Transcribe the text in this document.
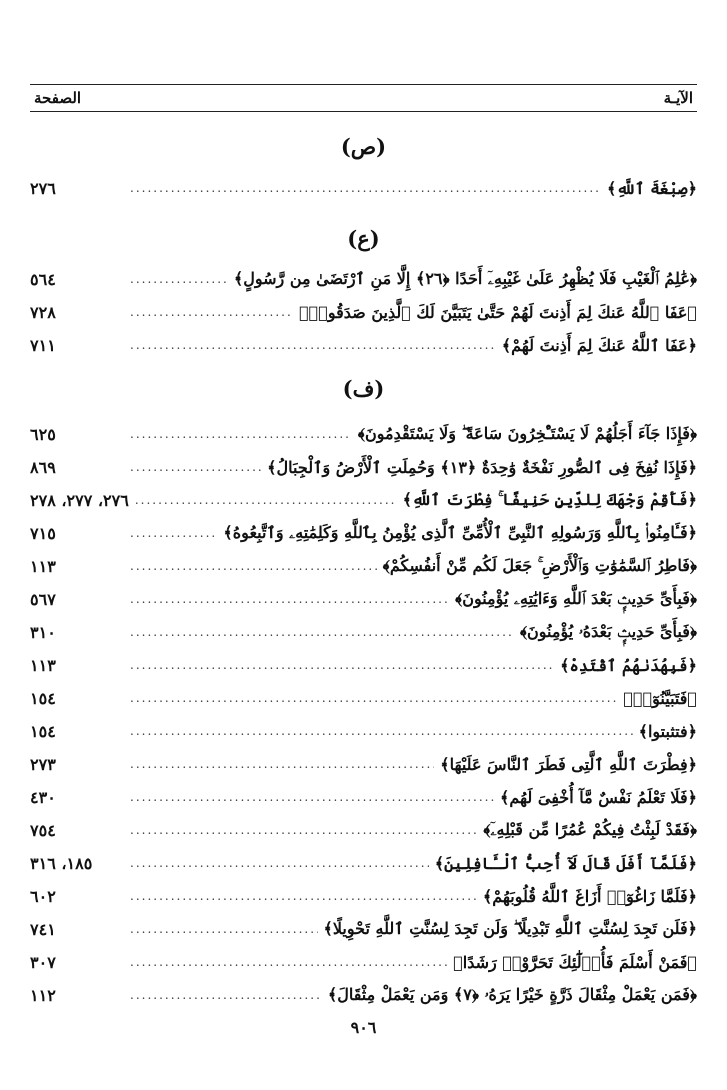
الآيـة
الصفحة
(ص)
﴿صِبْغَةَ ٱللَّهِ﴾
.....
٢٧٦
(ع)
﴿عَٰلِمُ ٱلْغَيْبِ فَلَا يُظْهِرُ عَلَىٰ غَيْبِهِۦٓ أَحَدًا ﴿٢٦﴾ إِلَّا مَنِ ٱرْتَضَىٰ مِن رَّسُولٍ﴾
.....
٥٦٤
﴿عَفَا ٱللَّهُ عَنكَ لِمَ أَذِنتَ لَهُمْ حَتَّىٰ يَتَبَيَّنَ لَكَ ٱلَّذِينَ صَدَقُوا۟﴾
.....
٧٢٨
﴿عَفَا ٱللَّهُ عَنكَ لِمَ أَذِنتَ لَهُمْ﴾
.....
٧١١
(ف)
﴿فَإِذَا جَآءَ أَجَلُهُمْ لَا يَسْتَـْٔخِرُونَ سَاعَةً ۖ وَلَا يَسْتَقْدِمُونَ﴾
.....
٦٢٥
﴿فَإِذَا نُفِخَ فِى ٱلصُّورِ نَفْخَةٌ وَٰحِدَةٌ ﴿١٣﴾ وَحُمِلَتِ ٱلْأَرْضُ وَٱلْجِبَالُ﴾
.....
٨٦٩
﴿فَأَقِمْ وَجْهَكَ لِلدِّينِ حَنِيفًا ۚ فِطْرَتَ ٱللَّهِ﴾
.....
٢٧٦، ٢٧٧، ٢٧٨
﴿فَـَٔامِنُوا۟ بِٱللَّهِ وَرَسُولِهِ ٱلنَّبِىِّ ٱلْأُمِّىِّ ٱلَّذِى يُؤْمِنُ بِٱللَّهِ وَكَلِمَٰتِهِۦ وَٱتَّبِعُوهُ﴾
.....
٧١٥
﴿فَاطِرُ ٱلسَّمَٰوَٰتِ وَٱلْأَرْضِ ۚ جَعَلَ لَكُم مِّنْ أَنفُسِكُمْ﴾
.....
١١٣
﴿فَبِأَىِّ حَدِيثٍۭ بَعْدَ ٱللَّهِ وَءَايَٰتِهِۦ يُؤْمِنُونَ﴾
.....
٥٦٧
﴿فَبِأَىِّ حَدِيثٍۭ بَعْدَهُۥ يُؤْمِنُونَ﴾
.....
٣١٠
﴿فَبِهُدَىٰهُمُ ٱقْتَدِهْ﴾
.....
١١٣
﴿فَتَبَيَّنُوٓا۟﴾
.....
١٥٤
﴿فتثبتوا﴾
.....
١٥٤
﴿فِطْرَتَ ٱللَّهِ ٱلَّتِى فَطَرَ ٱلنَّاسَ عَلَيْهَا﴾
.....
٢٧٣
﴿فَلَا تَعْلَمُ نَفْسٌ مَّآ أُخْفِىَ لَهُم﴾
.....
٤٣٠
﴿فَقَدْ لَبِثْتُ فِيكُمْ عُمُرًا مِّن قَبْلِهِۦٓ﴾
.....
٧٥٤
﴿فَلَمَّآ أَفَلَ قَالَ لَآ أُحِبُّ ٱلْـَٔافِلِينَ﴾
.....
١٨٥، ٣١٦
﴿فَلَمَّا زَاغُوٓا۟ أَزَاغَ ٱللَّهُ قُلُوبَهُمْ﴾
.....
٦٠٢
﴿فَلَن تَجِدَ لِسُنَّتِ ٱللَّهِ تَبْدِيلًا ۖ وَلَن تَجِدَ لِسُنَّتِ ٱللَّهِ تَحْوِيلًا﴾
.....
٧٤١
﴿فَمَنْ أَسْلَمَ فَأُو۟لَٰٓئِكَ تَحَرَّوْا۟ رَشَدًا﴾
.....
٣٠٧
﴿فَمَن يَعْمَلْ مِثْقَالَ ذَرَّةٍ خَيْرًا يَرَهُۥ ﴿٧﴾ وَمَن يَعْمَلْ مِثْقَالَ﴾
.....
١١٢
٩٠٦
